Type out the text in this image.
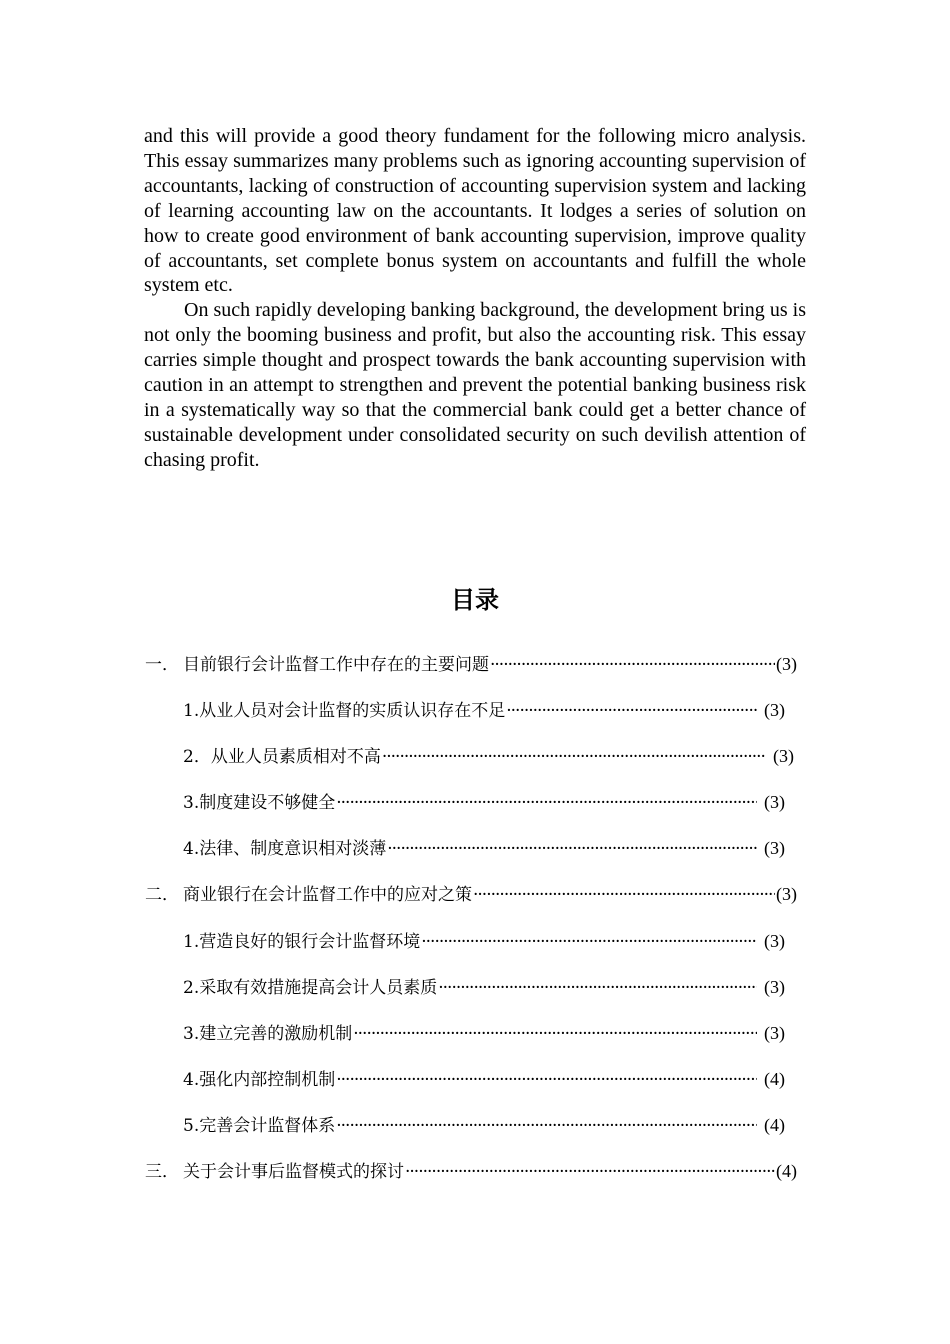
and this will provide a good theory fundament for the following micro analysis. This essay summarizes many problems such as ignoring accounting supervision of accountants, lacking of construction of accounting supervision system and lacking of learning accounting law on the accountants. It lodges a series of solution on how to create good environment of bank accounting supervision, improve quality of accountants, set complete bonus system on accountants and fulfill the whole system etc.

On such rapidly developing banking background, the development bring us is not only the booming business and profit, but also the accounting risk. This essay carries simple thought and prospect towards the bank accounting supervision with caution in an attempt to strengthen and prevent the potential banking business risk in a systematically way so that the commercial bank could get a better chance of sustainable development under consolidated security on such devilish attention of chasing profit.

目录
一． 目前银行会计监督工作中存在的主要问题 ·····	(3)
1. 从业人员对会计监督的实质认识存在不足 ·····	(3)
2． 从业人员素质相对不高 ·····	(3)
3. 制度建设不够健全 ·····	(3)
4. 法律、制度意识相对淡薄 ·····	(3)
二． 商业银行在会计监督工作中的应对之策 ·····	(3)
1. 营造良好的银行会计监督环境 ·····	(3)
2. 采取有效措施提高会计人员素质 ·····	(3)
3. 建立完善的激励机制 ·····	(3)
4. 强化内部控制机制 ·····	(4)
5. 完善会计监督体系 ·····	(4)
三． 关于会计事后监督模式的探讨 ·····	(4)
